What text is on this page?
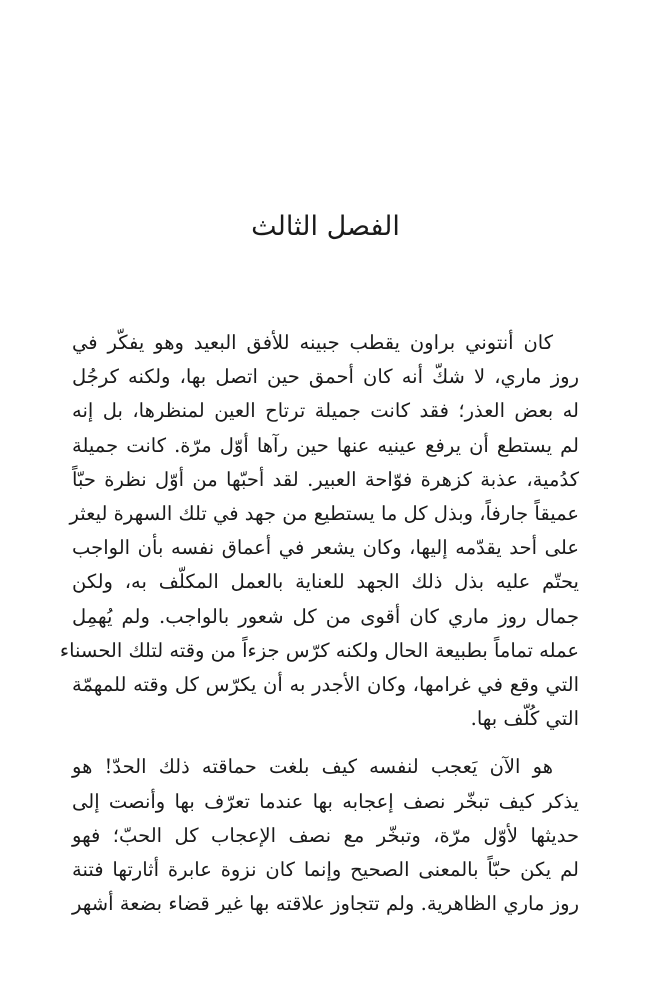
الفصل الثالث

كان أنتوني براون يقطب جبينه للأفق البعيد وهو يفكّر في
روز ماري، لا شكّ أنه كان أحمق حين اتصل بها، ولكنه كرجُل
له بعض العذر؛ فقد كانت جميلة ترتاح العين لمنظرها، بل إنه
لم يستطع أن يرفع عينيه عنها حين رآها أوّل مرّة. كانت جميلة
كدُمية، عذبة كزهرة فوّاحة العبير. لقد أحبّها من أوّل نظرة حبّاً
عميقاً جارفاً، وبذل كل ما يستطيع من جهد في تلك السهرة ليعثر
على أحد يقدّمه إليها، وكان يشعر في أعماق نفسه بأن الواجب
يحتّم عليه بذل ذلك الجهد للعناية بالعمل المكلّف به، ولكن
جمال روز ماري كان أقوى من كل شعور بالواجب. ولم يُهمِل
عمله تماماً بطبيعة الحال ولكنه كرّس جزءاً من وقته لتلك الحسناء
التي وقع في غرامها، وكان الأجدر به أن يكرّس كل وقته للمهمّة
التي كُلّف بها.

هو الآن يَعجب لنفسه كيف بلغت حماقته ذلك الحدّ! هو
يذكر كيف تبخّر نصف إعجابه بها عندما تعرّف بها وأنصت إلى
حديثها لأوّل مرّة، وتبخّر مع نصف الإعجاب كل الحبّ؛ فهو
لم يكن حبّاً بالمعنى الصحيح وإنما كان نزوة عابرة أثارتها فتنة
روز ماري الظاهرية. ولم تتجاوز علاقته بها غير قضاء بضعة أشهر
